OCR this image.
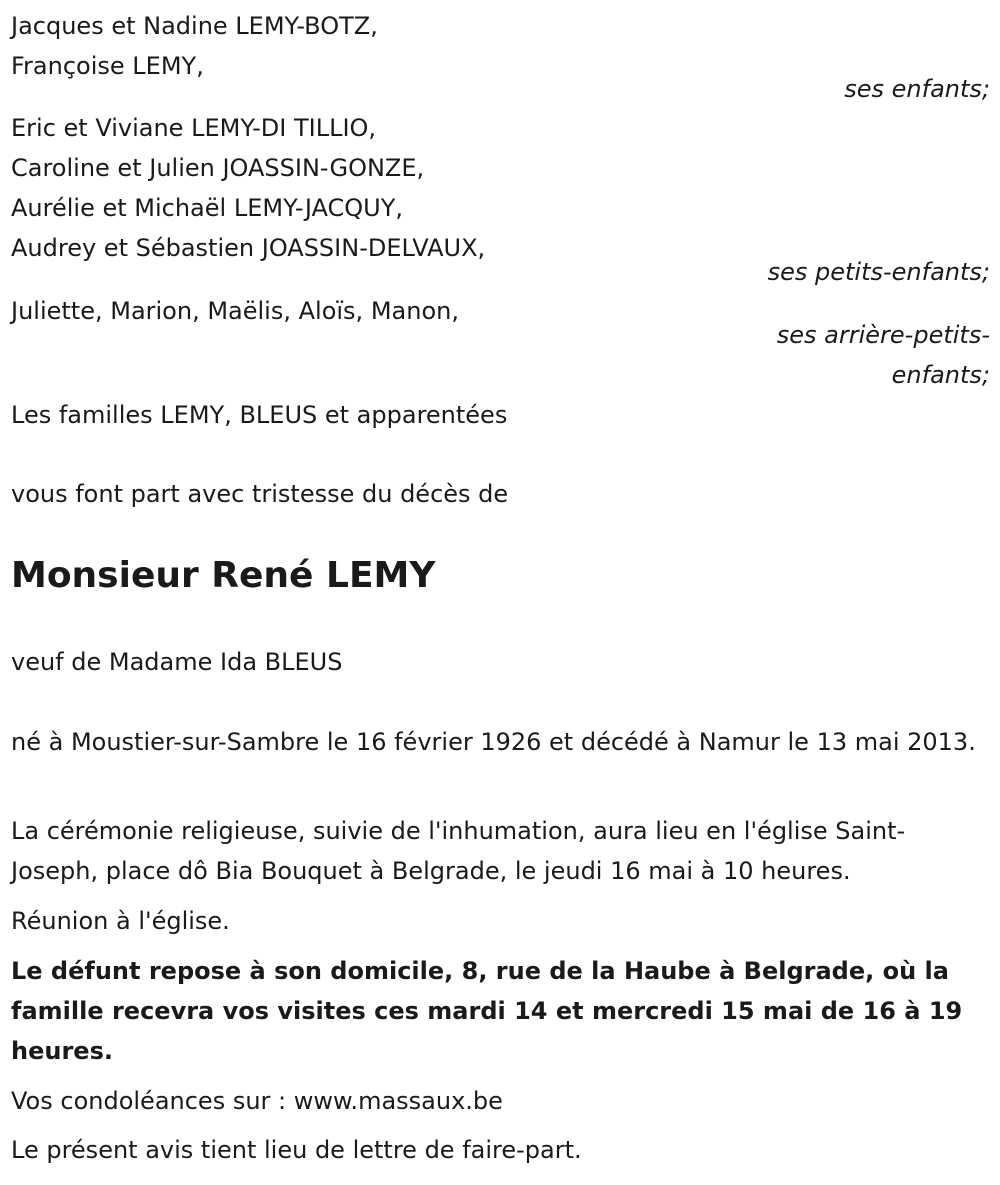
Jacques et Nadine LEMY-BOTZ,
Françoise LEMY,
ses enfants;
Eric et Viviane LEMY-DI TILLIO,
Caroline et Julien JOASSIN-GONZE,
Aurélie et Michaël LEMY-JACQUY,
Audrey et Sébastien JOASSIN-DELVAUX,
ses petits-enfants;
Juliette, Marion, Maëlis, Aloïs, Manon,
ses arrière-petits-
enfants;
Les familles LEMY, BLEUS et apparentées
vous font part avec tristesse du décès de
Monsieur René LEMY
veuf de Madame Ida BLEUS
né à Moustier-sur-Sambre le 16 février 1926 et décédé à Namur le 13 mai 2013.
La cérémonie religieuse, suivie de l'inhumation, aura lieu en l'église Saint-Joseph, place dô Bia Bouquet à Belgrade, le jeudi 16 mai à 10 heures.
Réunion à l'église.
Le défunt repose à son domicile, 8, rue de la Haube à Belgrade, où la famille recevra vos visites ces mardi 14 et mercredi 15 mai de 16 à 19 heures.
Vos condoléances sur : www.massaux.be
Le présent avis tient lieu de lettre de faire-part.
